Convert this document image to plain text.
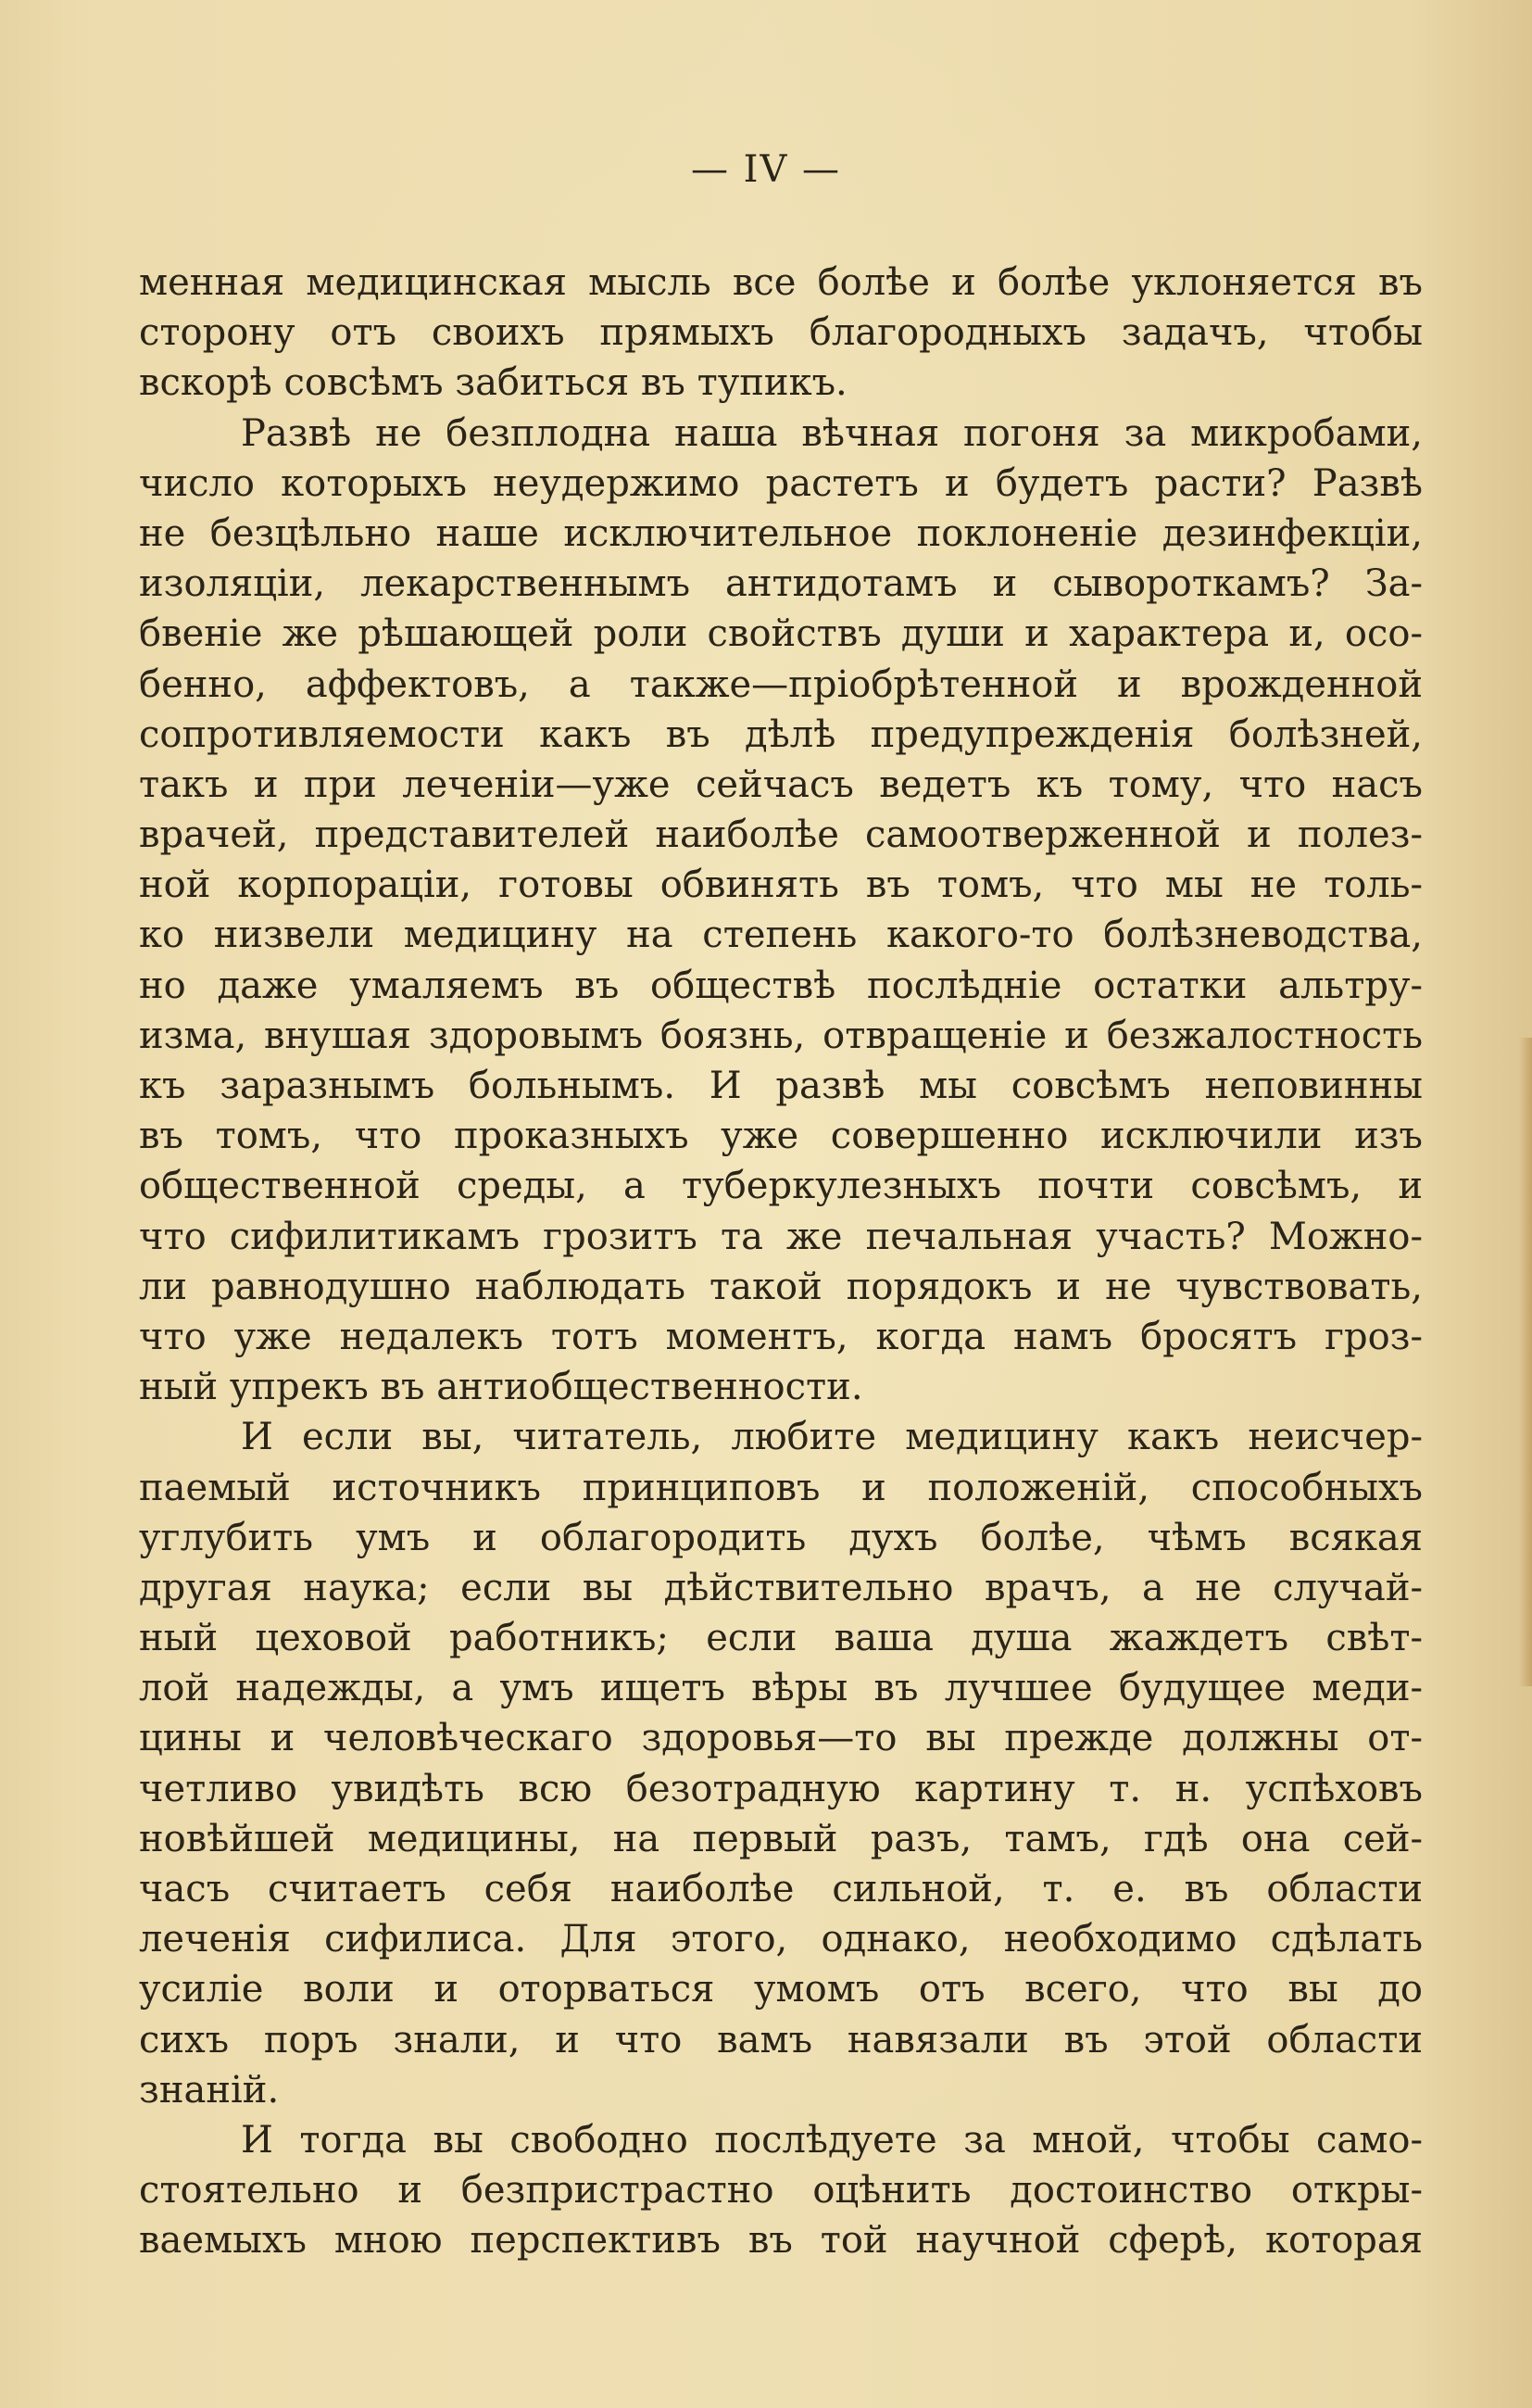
— IV —
менная медицинская мысль все болѣе и болѣе уклоняется въ
сторону отъ своихъ прямыхъ благородныхъ задачъ, чтобы
вскорѣ совсѣмъ забиться въ тупикъ.
Развѣ не безплодна наша вѣчная погоня за микробами,
число которыхъ неудержимо растетъ и будетъ расти? Развѣ
не безцѣльно наше исключительное поклоненіе дезинфекціи,
изоляціи, лекарственнымъ антидотамъ и сывороткамъ? За-
бвеніе же рѣшающей роли свойствъ души и характера и, осо-
бенно, аффектовъ, а также—пріобрѣтенной и врожденной
сопротивляемости какъ въ дѣлѣ предупрежденія болѣзней,
такъ и при леченіи—уже сейчасъ ведетъ къ тому, что насъ
врачей, представителей наиболѣе самоотверженной и полез-
ной корпораціи, готовы обвинять въ томъ, что мы не толь-
ко низвели медицину на степень какого-то болѣзневодства,
но даже умаляемъ въ обществѣ послѣдніе остатки альтру-
изма, внушая здоровымъ боязнь, отвращеніе и безжалостность
къ заразнымъ больнымъ. И развѣ мы совсѣмъ неповинны
въ томъ, что проказныхъ уже совершенно исключили изъ
общественной среды, а туберкулезныхъ почти совсѣмъ, и
что сифилитикамъ грозитъ та же печальная участь? Можно-
ли равнодушно наблюдать такой порядокъ и не чувствовать,
что уже недалекъ тотъ моментъ, когда намъ бросятъ гроз-
ный упрекъ въ антиобщественности.
И если вы, читатель, любите медицину какъ неисчер-
паемый источникъ принциповъ и положеній, способныхъ
углубить умъ и облагородить духъ болѣе, чѣмъ всякая
другая наука; если вы дѣйствительно врачъ, а не случай-
ный цеховой работникъ; если ваша душа жаждетъ свѣт-
лой надежды, а умъ ищетъ вѣры въ лучшее будущее меди-
цины и человѣческаго здоровья—то вы прежде должны от-
четливо увидѣть всю безотрадную картину т. н. успѣховъ
новѣйшей медицины, на первый разъ, тамъ, гдѣ она сей-
часъ считаетъ себя наиболѣе сильной, т. е. въ области
леченія сифилиса. Для этого, однако, необходимо сдѣлать
усиліе воли и оторваться умомъ отъ всего, что вы до
сихъ поръ знали, и что вамъ навязали въ этой области
знаній.
И тогда вы свободно послѣдуете за мной, чтобы само-
стоятельно и безпристрастно оцѣнить достоинство откры-
ваемыхъ мною перспективъ въ той научной сферѣ, которая
